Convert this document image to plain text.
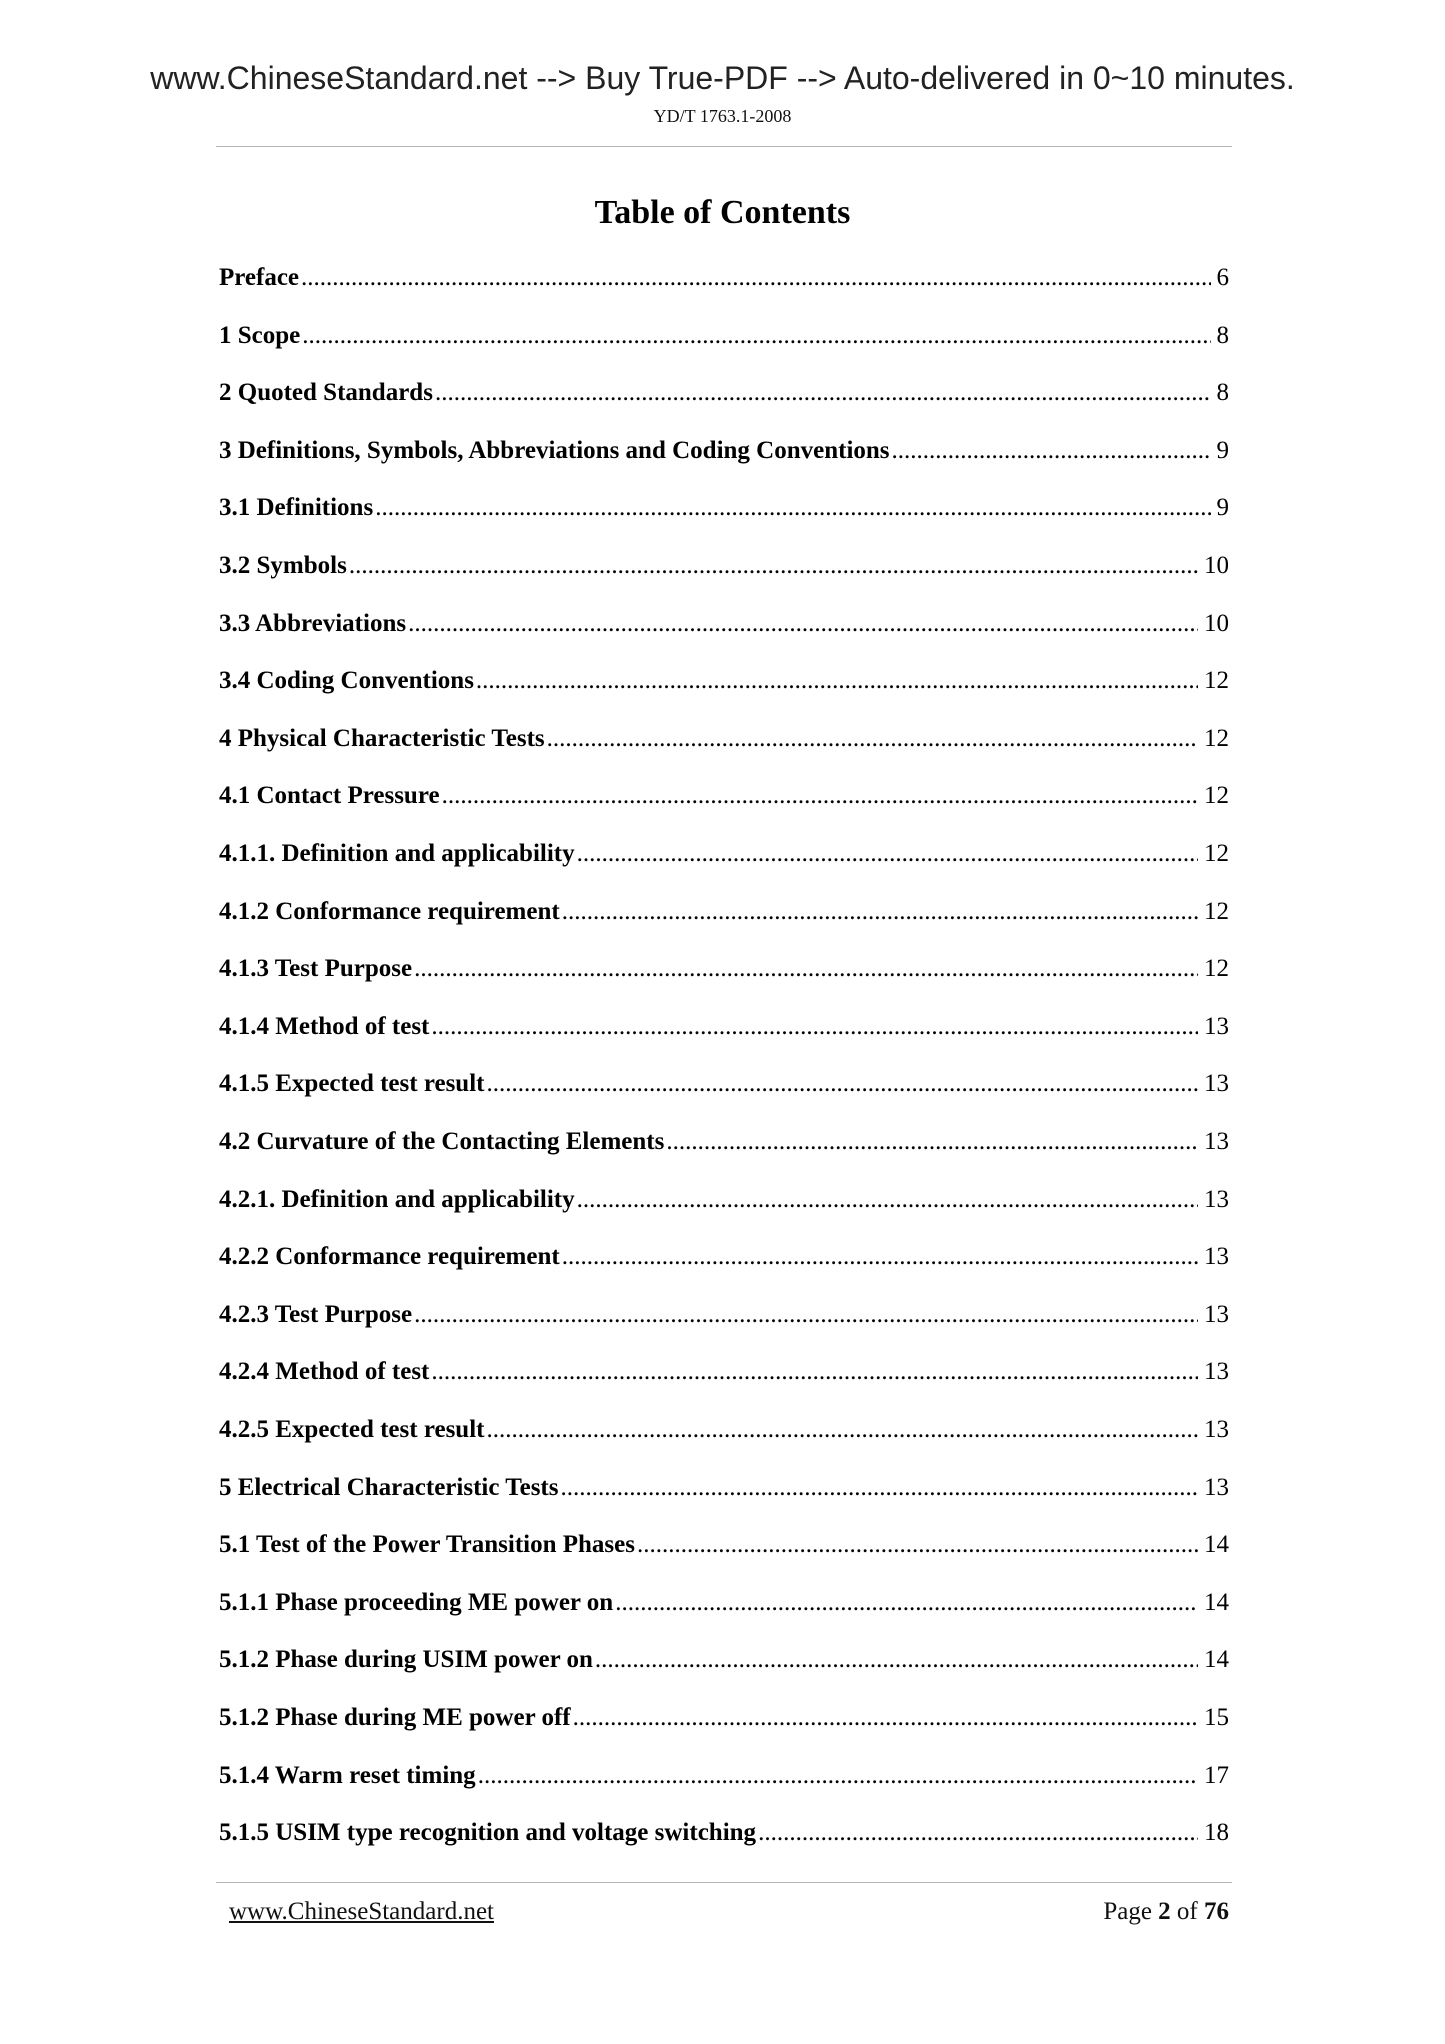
www.ChineseStandard.net --> Buy True-PDF --> Auto-delivered in 0~10 minutes.
YD/T 1763.1-2008
Table of Contents
Preface .....	6
1 Scope .....	8
2 Quoted Standards .....	8
3 Definitions, Symbols, Abbreviations and Coding Conventions .....	9
3.1 Definitions .....	9
3.2 Symbols .....	10
3.3 Abbreviations .....	10
3.4 Coding Conventions .....	12
4 Physical Characteristic Tests .....	12
4.1 Contact Pressure .....	12
4.1.1. Definition and applicability .....	12
4.1.2 Conformance requirement .....	12
4.1.3 Test Purpose .....	12
4.1.4 Method of test .....	13
4.1.5 Expected test result .....	13
4.2 Curvature of the Contacting Elements .....	13
4.2.1. Definition and applicability .....	13
4.2.2 Conformance requirement .....	13
4.2.3 Test Purpose .....	13
4.2.4 Method of test .....	13
4.2.5 Expected test result .....	13
5 Electrical Characteristic Tests .....	13
5.1 Test of the Power Transition Phases .....	14
5.1.1 Phase proceeding ME power on .....	14
5.1.2 Phase during USIM power on .....	14
5.1.2 Phase during ME power off .....	15
5.1.4 Warm reset timing .....	17
5.1.5 USIM type recognition and voltage switching .....	18
www.ChineseStandard.net	Page 2 of 76
